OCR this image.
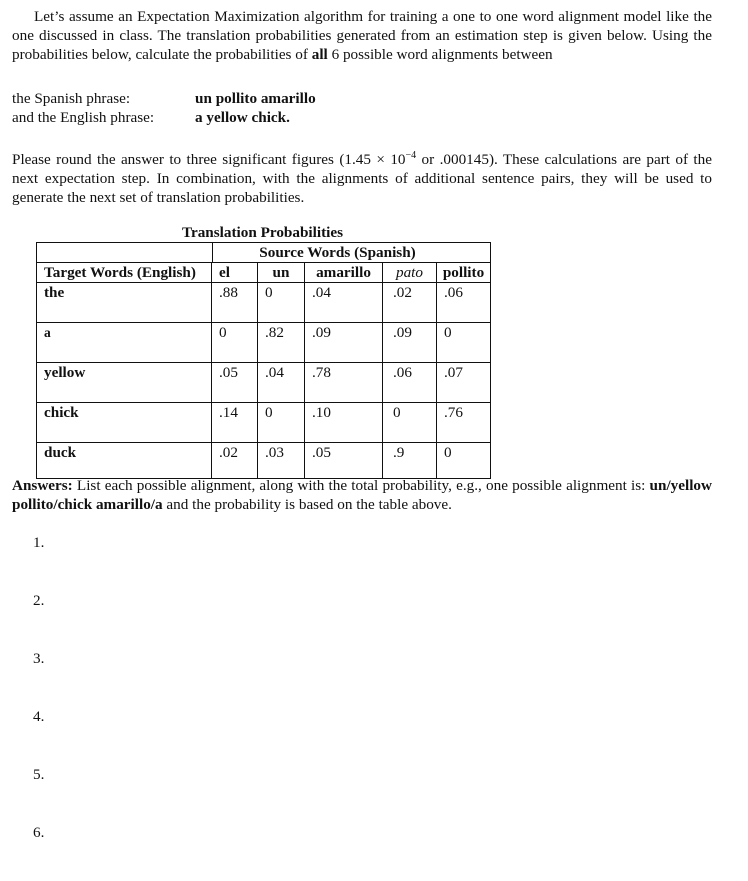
Let’s assume an Expectation Maximization algorithm for training a one to one word alignment model like the one discussed in class. The translation probabilities generated from an estimation step is given below. Using the probabilities below, calculate the probabilities of all 6 possible word alignments between
the Spanish phrase:	un pollito amarillo
and the English phrase:	a yellow chick.
Please round the answer to three significant figures ($1.45 \times 10^{-4}$ or .000145). These calculations are part of the next expectation step. In combination, with the alignments of additional sentence pairs, they will be used to generate the next set of translation probabilities.
Translation Probabilities
Source Words (Spanish)
Target Words (English)	el	un	amarillo	pato	pollito
the	.88	0	.04	.02	.06
a	0	.82	.09	.09	0
yellow	.05	.04	.78	.06	.07
chick	.14	0	.10	0	.76
duck	.02	.03	.05	.9	0
Answers: List each possible alignment, along with the total probability, e.g., one possible alignment is: un/yellow pollito/chick amarillo/a and the probability is based on the table above.
1.
2.
3.
4.
5.
6.
